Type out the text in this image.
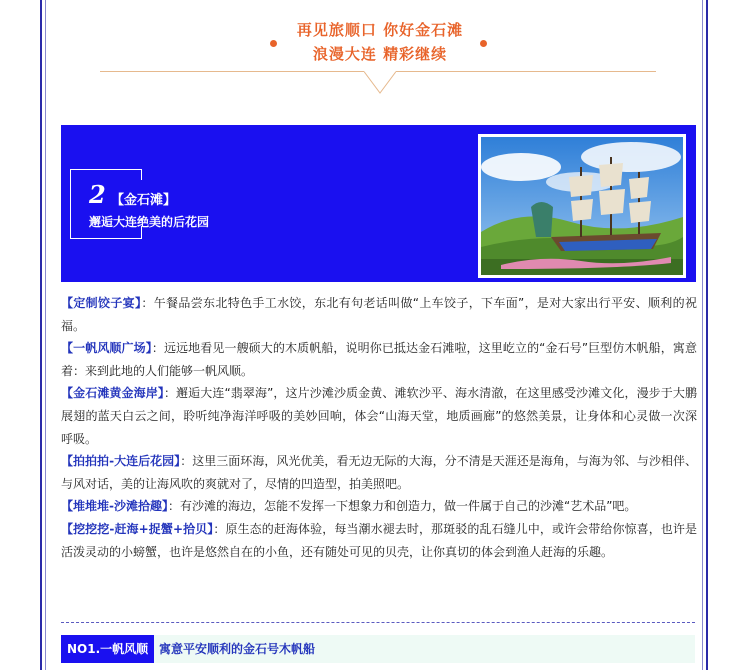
再见旅顺口 你好金石滩
浪漫大连 精彩继续
2 【金石滩】
邂逅大连绝美的后花园

【定制饺子宴】：午餐品尝东北特色手工水饺，东北有句老话叫做“上车饺子，下车面”，是对大家出行平安、顺利的祝福。

【一帆风顺广场】：远远地看见一艘硕大的木质帆船，说明你已抵达金石滩啦，这里屹立的“金石号”巨型仿木帆船，寓意着：来到此地的人们能够一帆风顺。

【金石滩黄金海岸】：邂逅大连“翡翠海”，这片沙滩沙质金黄、滩软沙平、海水清澈，在这里感受沙滩文化，漫步于大鹏展翅的蓝天白云之间，聆听纯净海洋呼吸的美妙回响，体会“山海天堂，地质画廊”的悠然美景，让身体和心灵做一次深呼吸。

【拍拍拍-大连后花园】：这里三面环海，风光优美，看无边无际的大海，分不清是天涯还是海角，与海为邻、与沙相伴、与风对话，美的让海风吹的爽就对了，尽情的凹造型，拍美照吧。

【堆堆堆-沙滩拾趣】：有沙滩的海边，怎能不发挥一下想象力和创造力，做一件属于自己的沙滩“艺术品”吧。

【挖挖挖-赶海+捉蟹+拾贝】：原生态的赶海体验，每当潮水褪去时，那斑驳的乱石缝儿中，或许会带给你惊喜，也许是活泼灵动的小螃蟹，也许是悠然自在的小鱼，还有随处可见的贝壳，让你真切的体会到渔人赶海的乐趣。

NO1.一帆风顺 寓意平安顺利的金石号木帆船
